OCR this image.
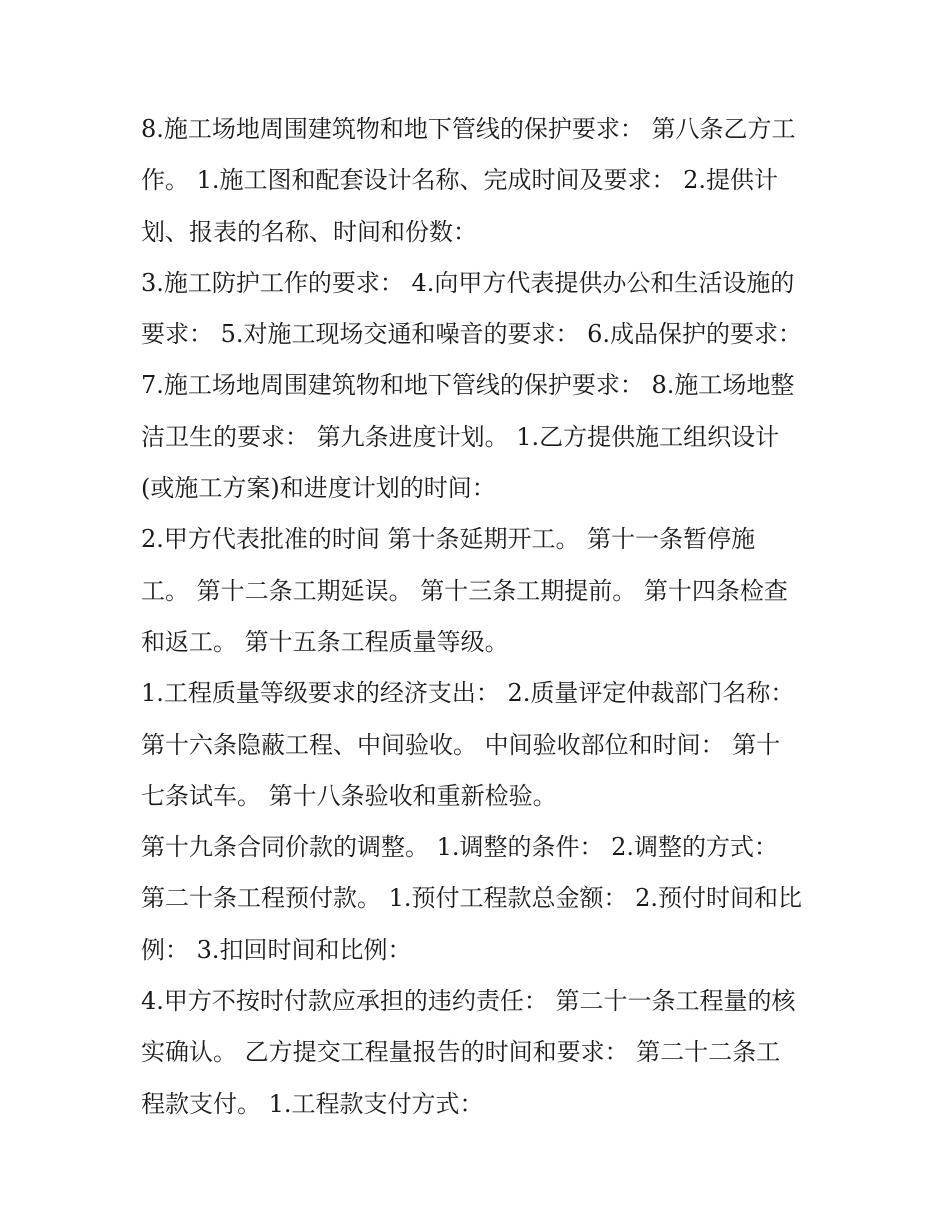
8.施工场地周围建筑物和地下管线的保护要求： 第八条乙方工
作。 1.施工图和配套设计名称、完成时间及要求： 2.提供计
划、报表的名称、时间和份数：
3.施工防护工作的要求： 4.向甲方代表提供办公和生活设施的
要求： 5.对施工现场交通和噪音的要求： 6.成品保护的要求：
7.施工场地周围建筑物和地下管线的保护要求： 8.施工场地整
洁卫生的要求： 第九条进度计划。 1.乙方提供施工组织设计
(或施工方案)和进度计划的时间：
2.甲方代表批准的时间 第十条延期开工。 第十一条暂停施
工。 第十二条工期延误。 第十三条工期提前。 第十四条检查
和返工。 第十五条工程质量等级。
1.工程质量等级要求的经济支出： 2.质量评定仲裁部门名称：
第十六条隐蔽工程、中间验收。 中间验收部位和时间： 第十
七条试车。 第十八条验收和重新检验。
第十九条合同价款的调整。 1.调整的条件： 2.调整的方式：
第二十条工程预付款。 1.预付工程款总金额： 2.预付时间和比
例： 3.扣回时间和比例：
4.甲方不按时付款应承担的违约责任： 第二十一条工程量的核
实确认。 乙方提交工程量报告的时间和要求： 第二十二条工
程款支付。 1.工程款支付方式：
